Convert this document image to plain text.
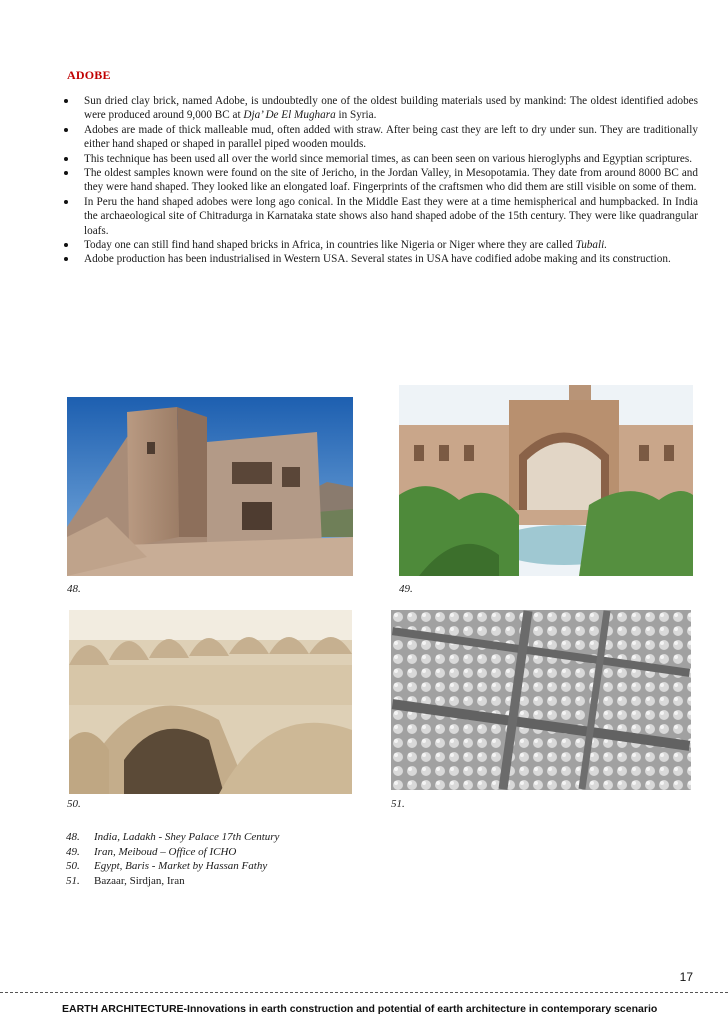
ADOBE
Sun dried clay brick, named Adobe, is undoubtedly one of the oldest building materials used by mankind: The oldest identified adobes were produced around 9,000 BC at Dja’ De El Mughara in Syria.
Adobes are made of thick malleable mud, often added with straw. After being cast they are left to dry under sun. They are traditionally either hand shaped or shaped in parallel piped wooden moulds.
This technique has been used all over the world since memorial times, as can been seen on various hieroglyphs and Egyptian scriptures.
The oldest samples known were found on the site of Jericho, in the Jordan Valley, in Mesopotamia. They date from around 8000 BC and they were hand shaped. They looked like an elongated loaf. Fingerprints of the craftsmen who did them are still visible on some of them.
In Peru the hand shaped adobes were long ago conical. In the Middle East they were at a time hemispherical and humpbacked. In India the archaeological site of Chitradurga in Karnataka state shows also hand shaped adobe of the 15th century. They were like quadrangular loafs.
Today one can still find hand shaped bricks in Africa, in countries like Nigeria or Niger where they are called Tubali.
Adobe production has been industrialised in Western USA. Several states in USA have codified adobe making and its construction.
48.	49.
50.	51.
48.	India, Ladakh - Shey Palace 17th Century
49.	Iran, Meiboud – Office of ICHO
50.	Egypt, Baris - Market by Hassan Fathy
51.	Bazaar, Sirdjan, Iran
17
EARTH ARCHITECTURE-Innovations in earth construction and potential of earth architecture in contemporary scenario
